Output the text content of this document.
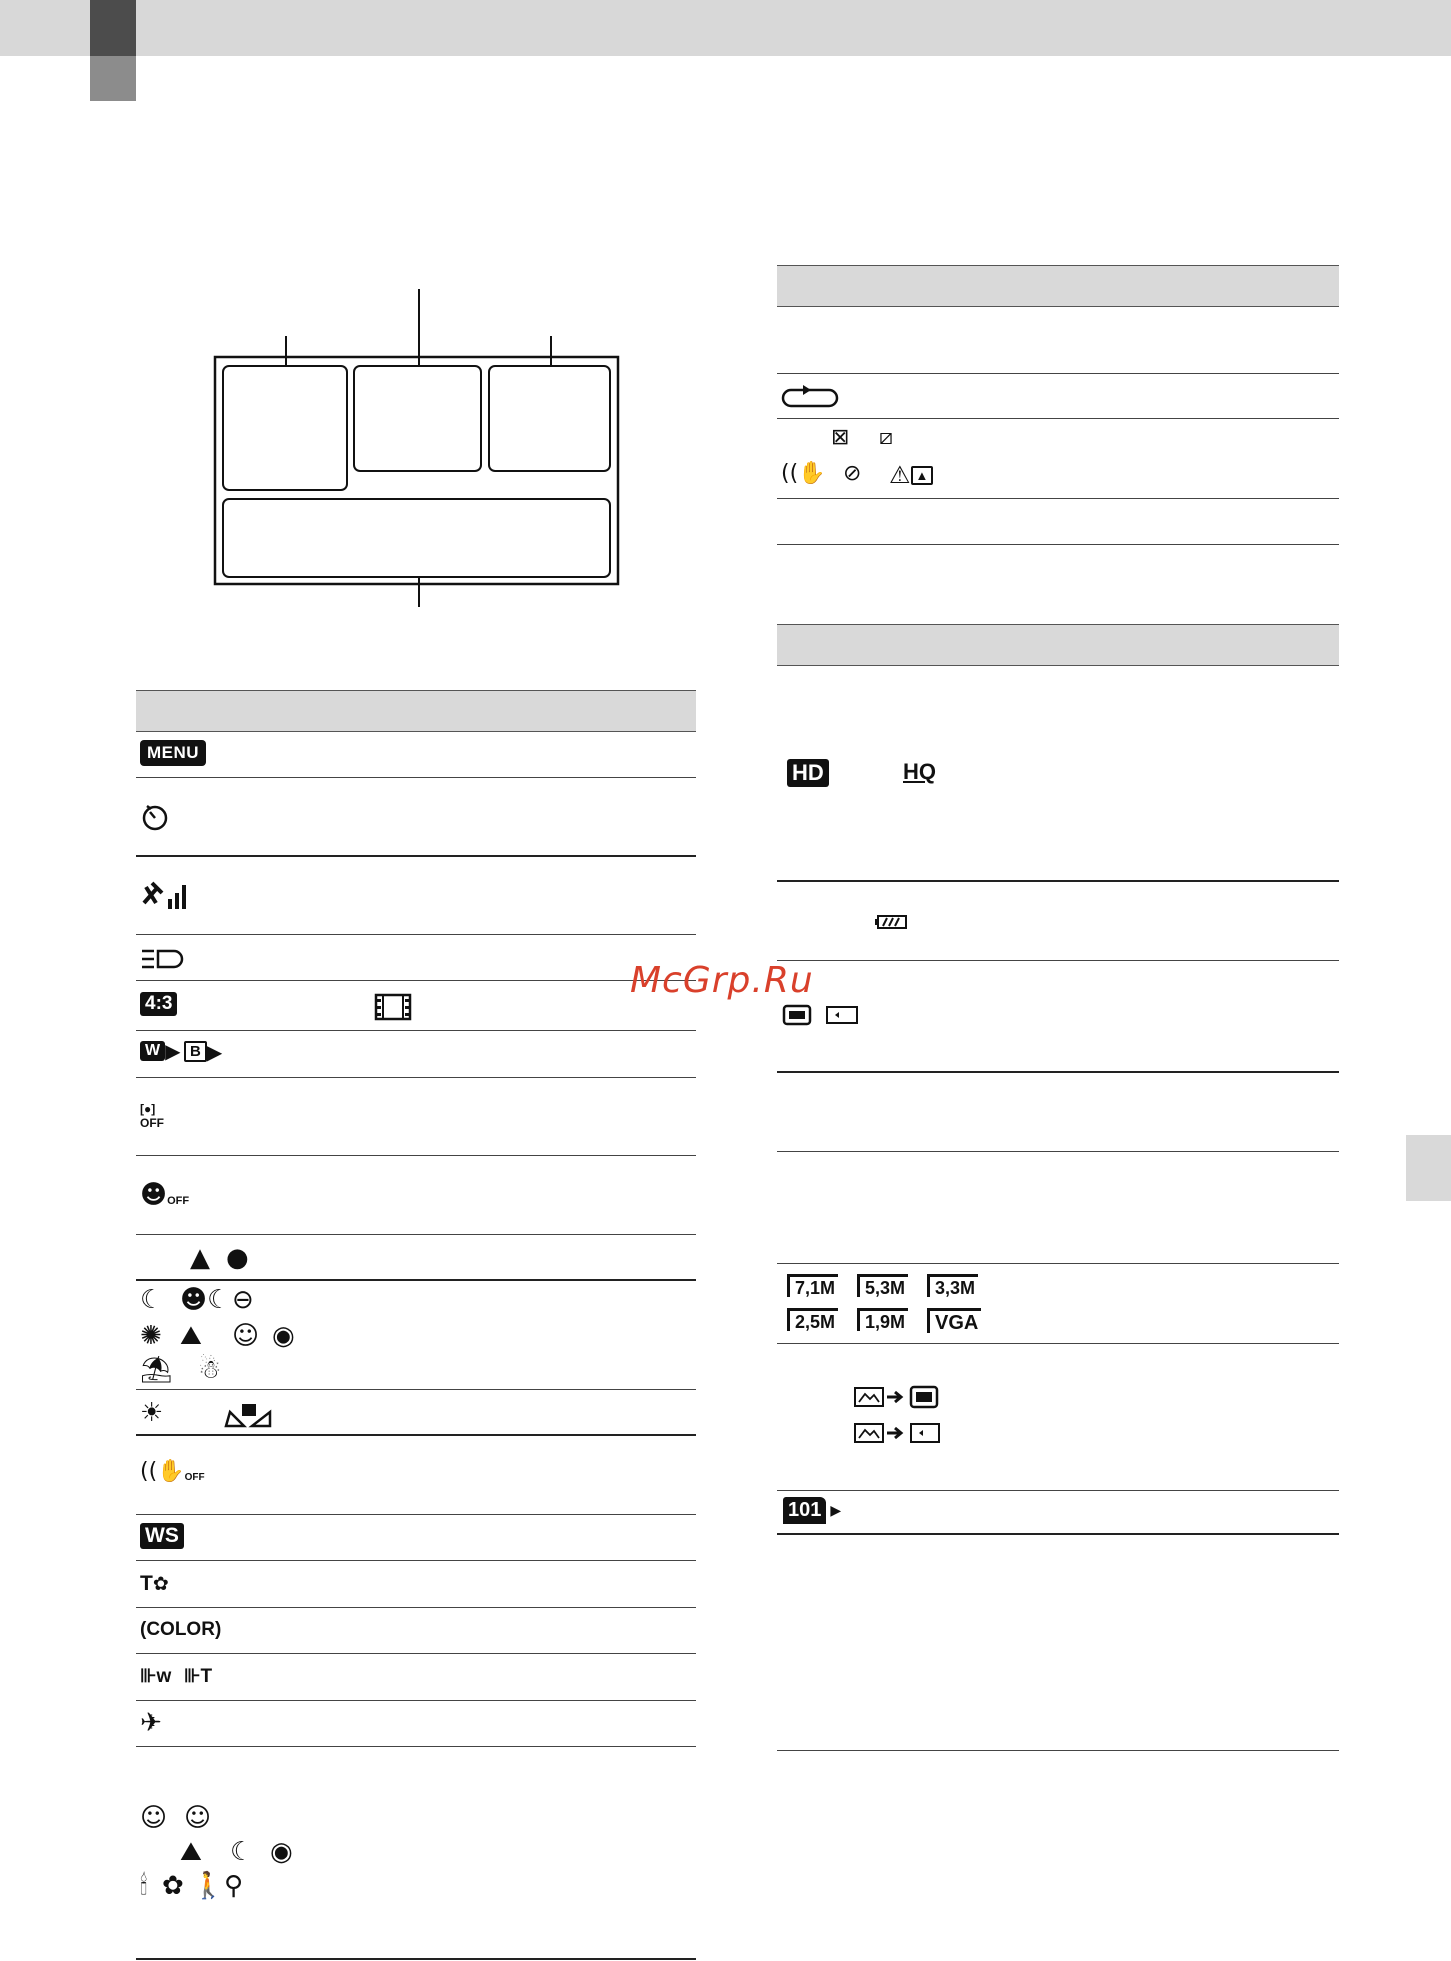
MENU
4:3
W ▶ B ▶
[●]
OFF
☻ OFF
▲ ●
☾ ☻☾ ⊖
✺ ⛰ ☺ ◉
⛱ ☃
☀
((✋ OFF
WS
T ✿
( COLOR )
⊪w ⊪T
✈
☺ ☺
⛰ ☾ ◉
🕯 ✿ 🚶 ⚲
⊠ ⧄
((✋ ⊘ ⚠ ▲
HD	HQ
7,1M	5,3M	3,3M
2,5M	1,9M	VGA
101 ▶
McGrp.Ru
